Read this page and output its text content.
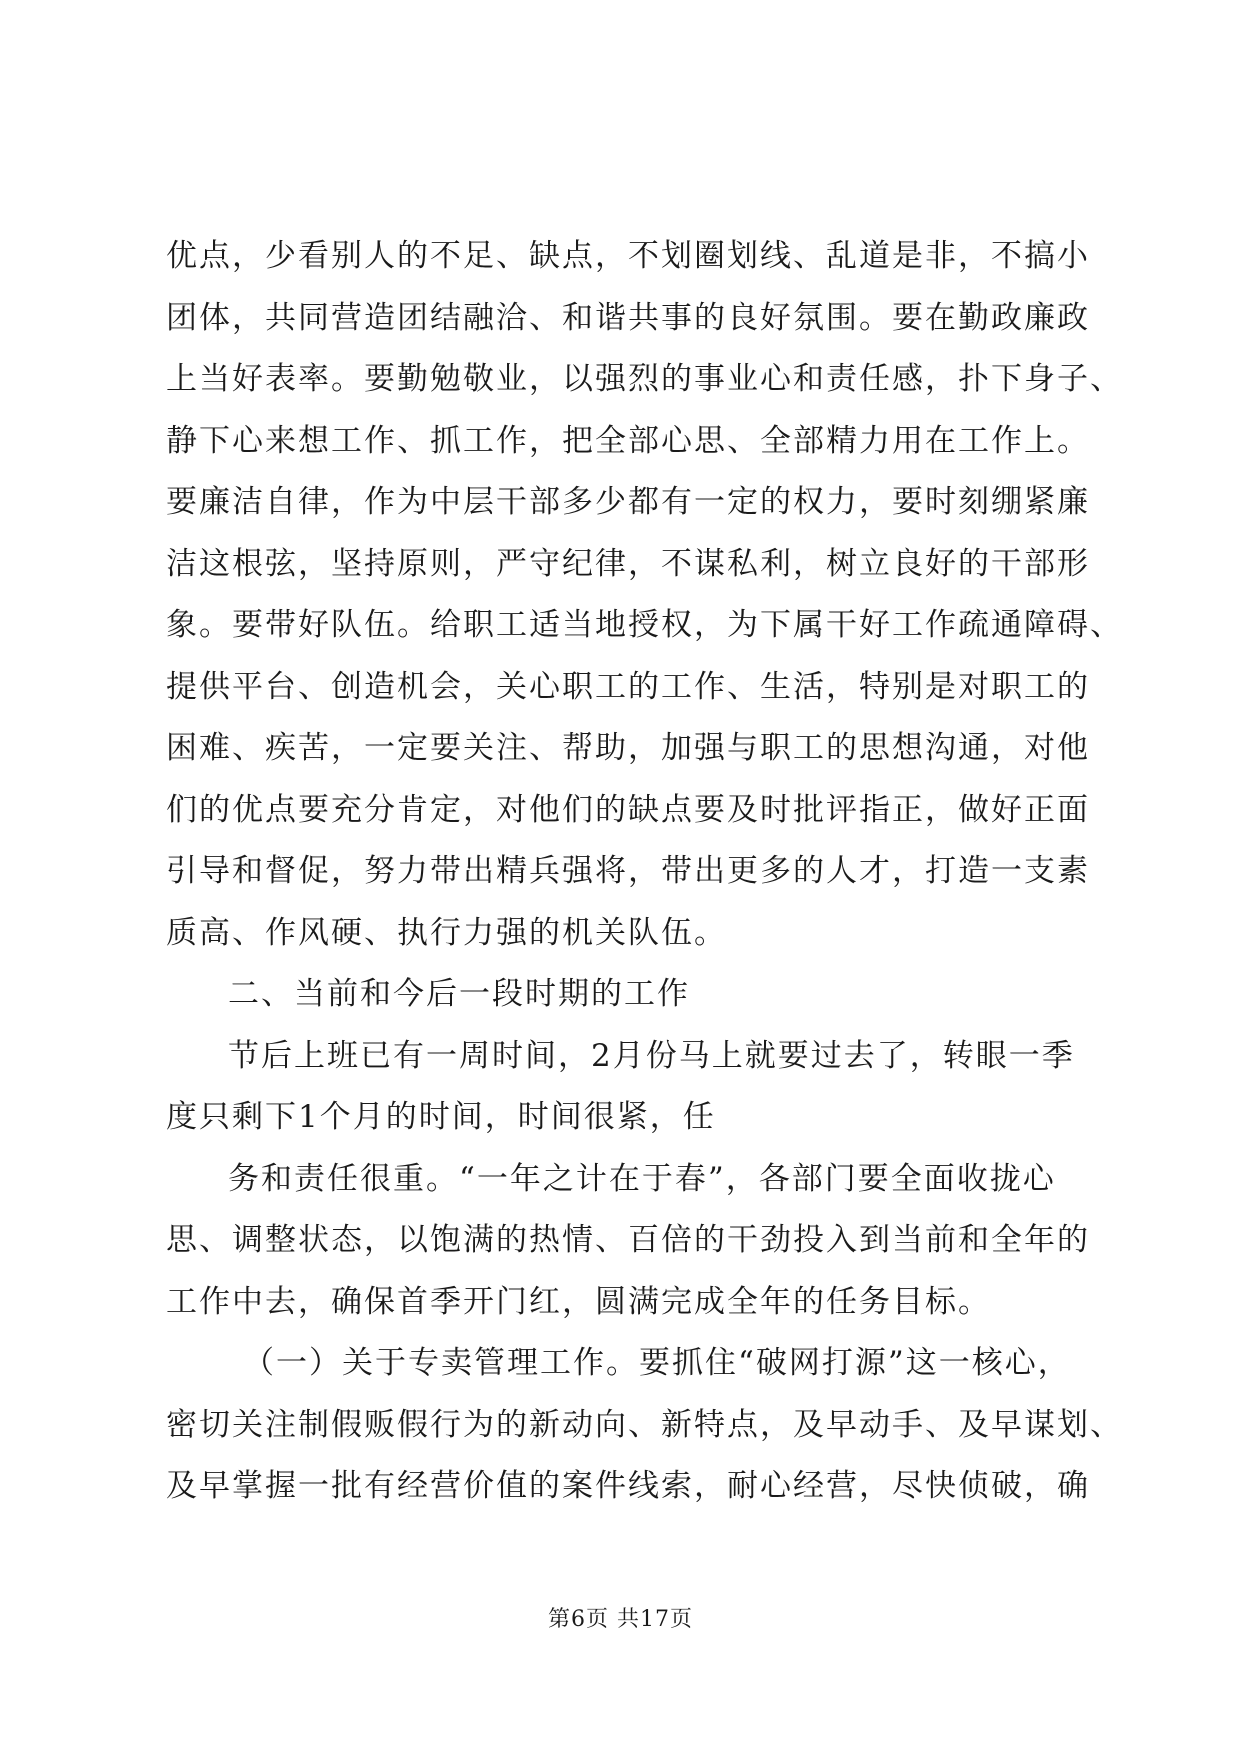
优点，少看别人的不足、缺点，不划圈划线、乱道是非，不搞小
团体，共同营造团结融洽、和谐共事的良好氛围。要在勤政廉政
上当好表率。要勤勉敬业，以强烈的事业心和责任感，扑下身子、
静下心来想工作、抓工作，把全部心思、全部精力用在工作上。
要廉洁自律，作为中层干部多少都有一定的权力，要时刻绷紧廉
洁这根弦，坚持原则，严守纪律，不谋私利，树立良好的干部形
象。要带好队伍。给职工适当地授权，为下属干好工作疏通障碍、
提供平台、创造机会，关心职工的工作、生活，特别是对职工的
困难、疾苦，一定要关注、帮助，加强与职工的思想沟通，对他
们的优点要充分肯定，对他们的缺点要及时批评指正，做好正面
引导和督促，努力带出精兵强将，带出更多的人才，打造一支素
质高、作风硬、执行力强的机关队伍。
二、当前和今后一段时期的工作
节后上班已有一周时间，2月份马上就要过去了，转眼一季
度只剩下1个月的时间，时间很紧，任
务和责任很重。“一年之计在于春”，各部门要全面收拢心
思、调整状态，以饱满的热情、百倍的干劲投入到当前和全年的
工作中去，确保首季开门红，圆满完成全年的任务目标。
（一）关于专卖管理工作。要抓住“破网打源”这一核心，
密切关注制假贩假行为的新动向、新特点，及早动手、及早谋划、
及早掌握一批有经营价值的案件线索，耐心经营，尽快侦破，确
第6页 共17页
